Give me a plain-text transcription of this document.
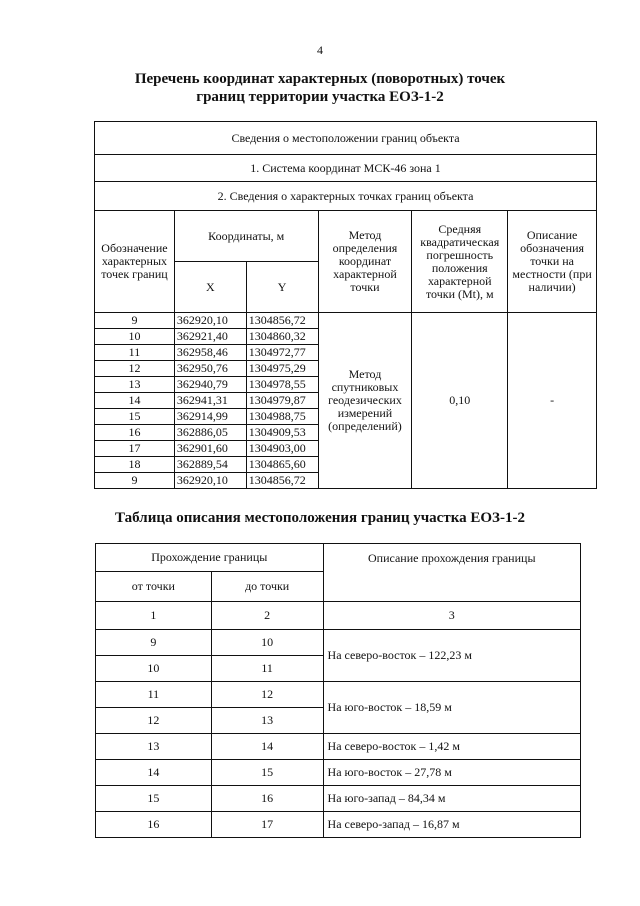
4
Перечень координат характерных (поворотных) точек
границ территории участка ЕОЗ-1-2
Сведения о местоположении границ объекта					
1. Система координат МСК-46 зона 1					
2. Сведения о характерных точках границ объекта					
Обозначение характерных точек границ	Координаты, м		Метод определения координат характерной точки	Средняя квадратическая погрешность положения характерной точки (Mt), м	Описание обозначения точки на местности (при наличии)
	X	Y			
9	362920,10	1304856,72	Метод спутниковых геодезических измерений (определений)	0,10	-
10	362921,40	1304860,32			
11	362958,46	1304972,77			
12	362950,76	1304975,29			
13	362940,79	1304978,55			
14	362941,31	1304979,87			
15	362914,99	1304988,75			
16	362886,05	1304909,53			
17	362901,60	1304903,00			
18	362889,54	1304865,60			
9	362920,10	1304856,72			
Таблица описания местоположения границ участка ЕОЗ-1-2
Прохождение границы		Описание прохождения границы
от точки	до точки	
1	2	3
9	10	На северо-восток – 122,23 м
10	11	
11	12	На юго-восток – 18,59 м
12	13	
13	14	На северо-восток – 1,42 м
14	15	На юго-восток – 27,78 м
15	16	На юго-запад – 84,34 м
16	17	На северо-запад – 16,87 м
